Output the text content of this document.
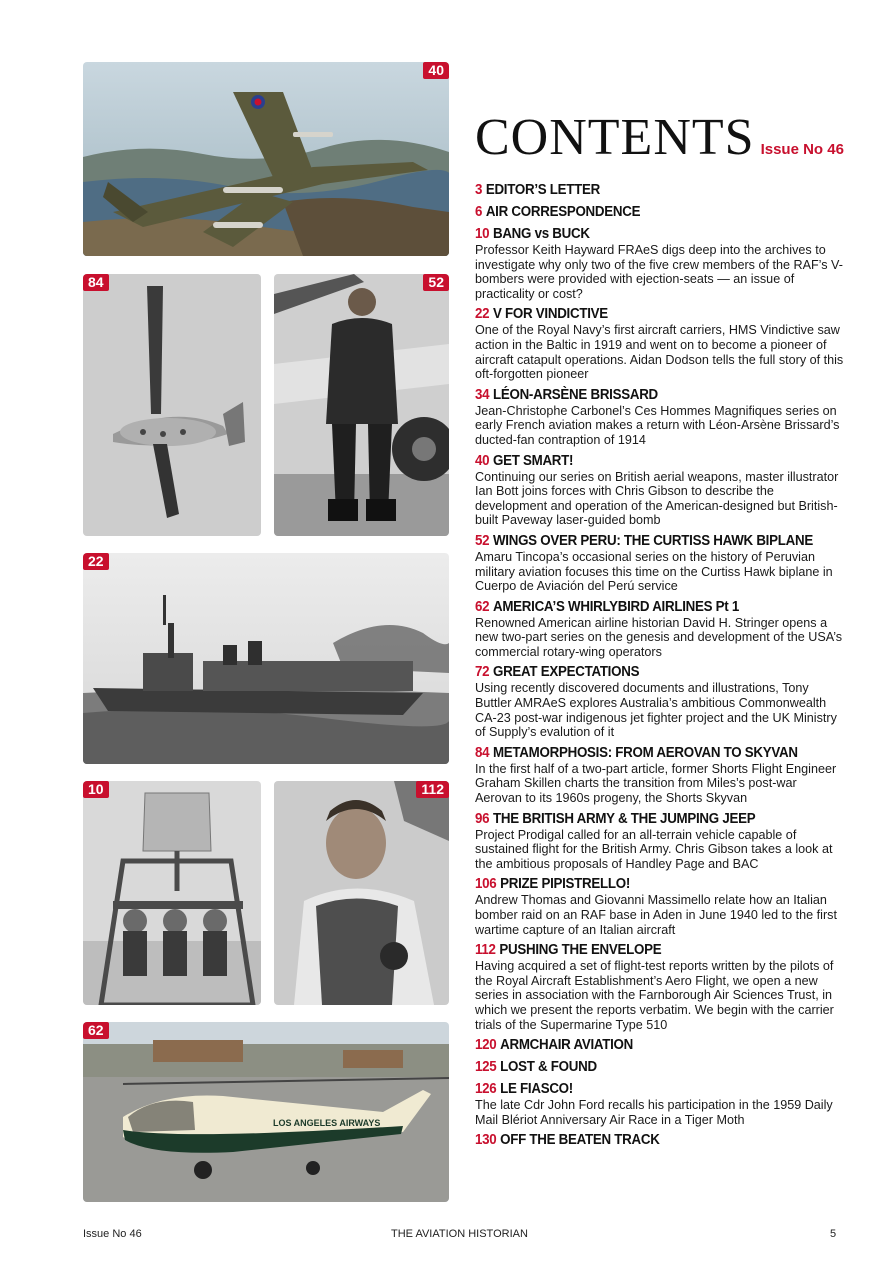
40
84	52
22
10	112
LOS ANGELES AIRWAYS
62
CONTENTS Issue No 46
3 EDITOR’S LETTER
6 AIR CORRESPONDENCE
10 BANG vs BUCK
Professor Keith Hayward FRAeS digs deep into the archives to investigate why only two of the five crew members of the RAF’s V-bombers were provided with ejection-seats — an issue of practicality or cost?
22 V FOR VINDICTIVE
One of the Royal Navy’s first aircraft carriers, HMS Vindictive saw action in the Baltic in 1919 and went on to become a pioneer of aircraft catapult operations. Aidan Dodson tells the full story of this oft-forgotten pioneer
34 LÉON-ARSÈNE BRISSARD
Jean-Christophe Carbonel’s Ces Hommes Magnifiques series on early French aviation makes a return with Léon-Arsène Brissard’s ducted-fan contraption of 1914
40 GET SMART!
Continuing our series on British aerial weapons, master illustrator Ian Bott joins forces with Chris Gibson to describe the development and operation of the American-designed but British-built Paveway laser-guided bomb
52 WINGS OVER PERU: THE CURTISS HAWK BIPLANE
Amaru Tincopa’s occasional series on the history of Peruvian military aviation focuses this time on the Curtiss Hawk biplane in Cuerpo de Aviación del Perú service
62 AMERICA’S WHIRLYBIRD AIRLINES Pt 1
Renowned American airline historian David H. Stringer opens a new two-part series on the genesis and development of the USA’s commercial rotary-wing operators
72 GREAT EXPECTATIONS
Using recently discovered documents and illustrations, Tony Buttler AMRAeS explores Australia’s ambitious Commonwealth CA-23 post-war indigenous jet fighter project and the UK Ministry of Supply’s evalution of it
84 METAMORPHOSIS: FROM AEROVAN TO SKYVAN
In the first half of a two-part article, former Shorts Flight Engineer Graham Skillen charts the transition from Miles’s post-war Aerovan to its 1960s progeny, the Shorts Skyvan
96 THE BRITISH ARMY & THE JUMPING JEEP
Project Prodigal called for an all-terrain vehicle capable of sustained flight for the British Army. Chris Gibson takes a look at the ambitious proposals of Handley Page and BAC
106 PRIZE PIPISTRELLO!
Andrew Thomas and Giovanni Massimello relate how an Italian bomber raid on an RAF base in Aden in June 1940 led to the first wartime capture of an Italian aircraft
112 PUSHING THE ENVELOPE
Having acquired a set of flight-test reports written by the pilots of the Royal Aircraft Establishment’s Aero Flight, we open a new series in association with the Farnborough Air Sciences Trust, in which we present the reports verbatim. We begin with the carrier trials of the Supermarine Type 510
120 ARMCHAIR AVIATION
125 LOST & FOUND
126 LE FIASCO!
The late Cdr John Ford recalls his participation in the 1959 Daily Mail Blériot Anniversary Air Race in a Tiger Moth
130 OFF THE BEATEN TRACK
Issue No 46	THE AVIATION HISTORIAN	5
